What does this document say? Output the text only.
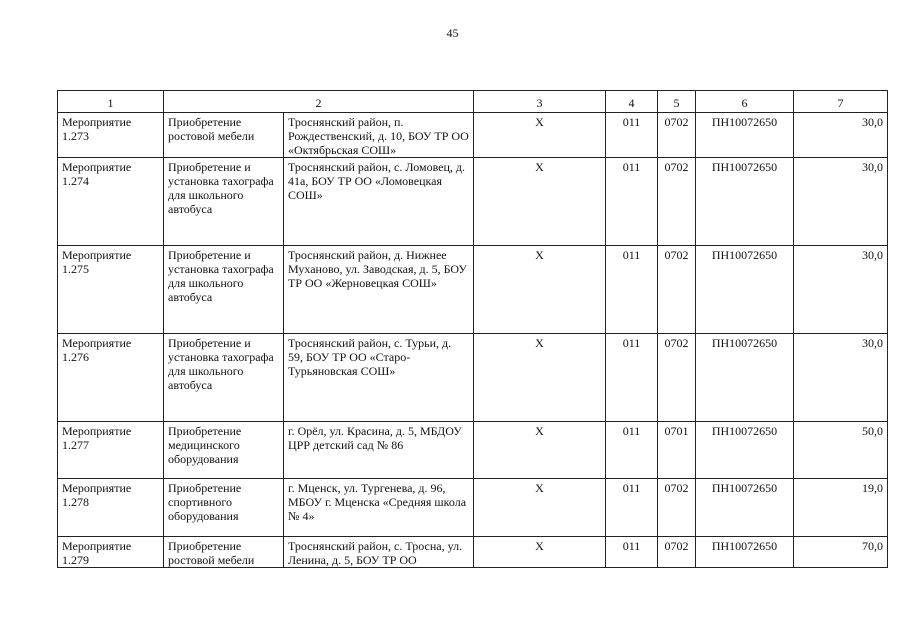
45
1	2		3	4	5	6	7
Мероприятие 1.273	Приобретение ростовой мебели	Троснянский район, п. Рождественский, д. 10, БОУ ТР ОО «Октябрьская СОШ»	Х	011	0702	ПН10072650	30,0
Мероприятие 1.274	Приобретение и установка тахографа для школьного автобуса	Троснянский район, с. Ломовец, д. 41а, БОУ ТР ОО «Ломовецкая СОШ»	Х	011	0702	ПН10072650	30,0
Мероприятие 1.275	Приобретение и установка тахографа для школьного автобуса	Троснянский район, д. Нижнее Муханово, ул. Заводская, д. 5, БОУ ТР ОО «Жерновецкая СОШ»	Х	011	0702	ПН10072650	30,0
Мероприятие 1.276	Приобретение и установка тахографа для школьного автобуса	Троснянский район, с. Турьи, д. 59, БОУ ТР ОО «Старо-Турьяновская СОШ»	Х	011	0702	ПН10072650	30,0
Мероприятие 1.277	Приобретение медицинского оборудования	г. Орёл, ул. Красина, д. 5, МБДОУ ЦРР детский сад № 86	Х	011	0701	ПН10072650	50,0
Мероприятие 1.278	Приобретение спортивного оборудования	г. Мценск, ул. Тургенева, д. 96, МБОУ г. Мценска «Средняя школа № 4»	Х	011	0702	ПН10072650	19,0
Мероприятие 1.279	Приобретение ростовой мебели	Троснянский район, с. Тросна, ул. Ленина, д. 5, БОУ ТР ОО	Х	011	0702	ПН10072650	70,0
